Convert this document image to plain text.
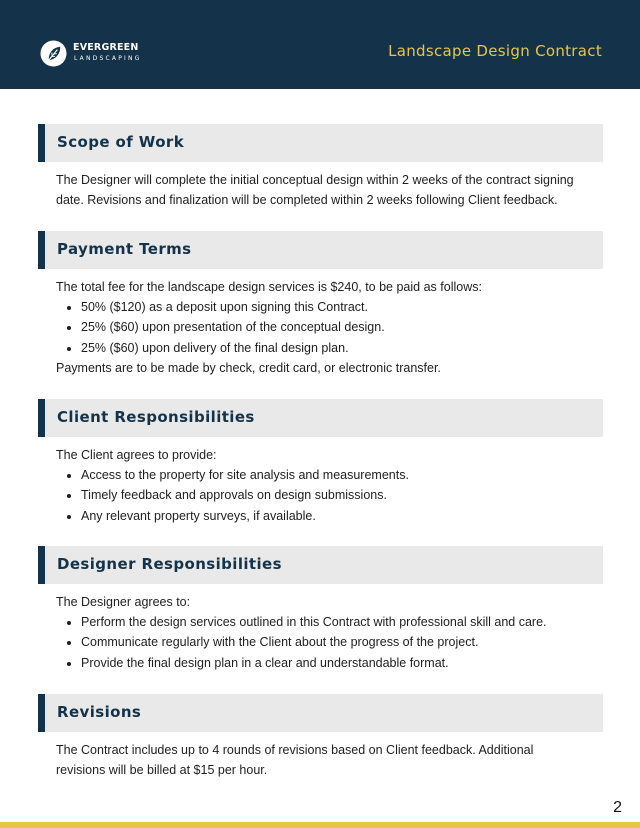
EVERGREEN
LANDSCAPING	Landscape Design Contract
Scope of Work

The Designer will complete the initial conceptual design within 2 weeks of the contract signing date. Revisions and finalization will be completed within 2 weeks following Client feedback.

Payment Terms
The total fee for the landscape design services is $240, to be paid as follows:
• 50% ($120) as a deposit upon signing this Contract.
• 25% ($60) upon presentation of the conceptual design.
• 25% ($60) upon delivery of the final design plan.
Payments are to be made by check, credit card, or electronic transfer.
Client Responsibilities
The Client agrees to provide:
• Access to the property for site analysis and measurements.
• Timely feedback and approvals on design submissions.
• Any relevant property surveys, if available.
Designer Responsibilities
The Designer agrees to:
• Perform the design services outlined in this Contract with professional skill and care.
• Communicate regularly with the Client about the progress of the project.
• Provide the final design plan in a clear and understandable format.
Revisions

The Contract includes up to 4 rounds of revisions based on Client feedback. Additional revisions will be billed at $15 per hour.

2
